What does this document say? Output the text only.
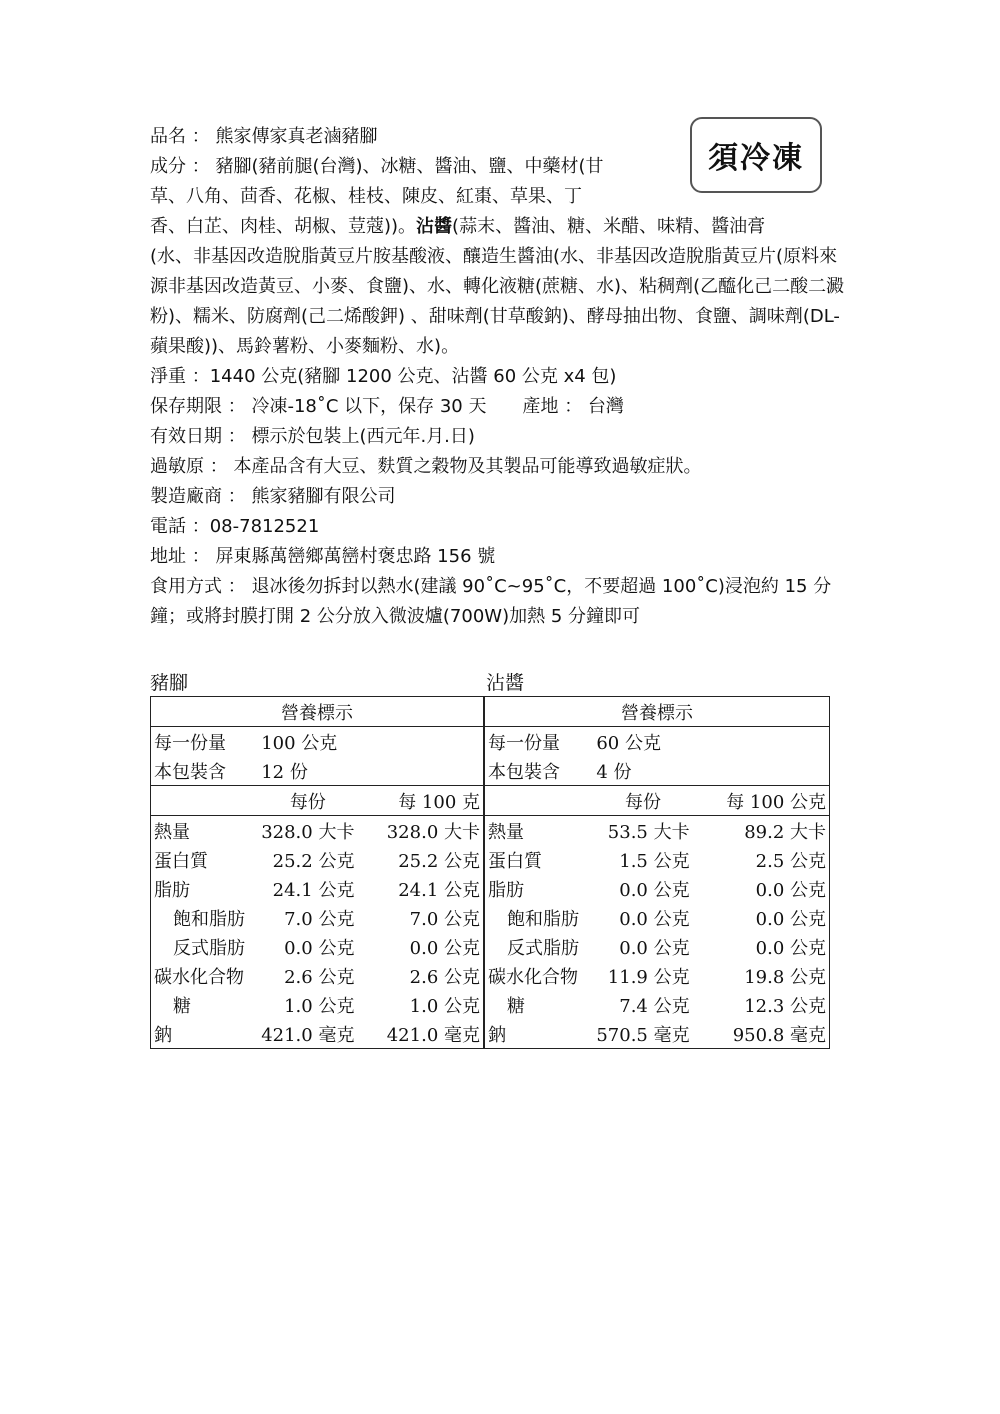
須冷凍
品名 ： 熊家傳家真老滷豬腳
成分 ： 豬腳(豬前腿(台灣)、冰糖、醬油、鹽、中藥材(甘
草、八角、茴香、花椒、桂枝、陳皮、紅棗、草果、丁
香、白芷、肉桂、胡椒、荳蔻))。沾醬(蒜末、醬油、糖、米醋、味精、醬油膏
(水、非基因改造脫脂黃豆片胺基酸液、釀造生醬油(水、非基因改造脫脂黃豆片(原料來源非基因改造黃豆、小麥、食鹽)、水、轉化液糖(蔗糖、水)、粘稠劑(乙醯化己二酸二澱粉)、糯米、防腐劑(己二烯酸鉀) 、甜味劑(甘草酸鈉)、酵母抽出物、食鹽、調味劑(DL-蘋果酸))、馬鈴薯粉、小麥麵粉、水)。
淨重 ：1440 公克(豬腳 1200 公克、沾醬 60 公克 x4 包)
保存期限 ： 冷凍-18˚C 以下，保存 30 天 產地 ： 台灣
有效日期 ： 標示於包裝上(西元年.月.日)
過敏原 ： 本產品含有大豆、麩質之穀物及其製品可能導致過敏症狀。
製造廠商 ： 熊家豬腳有限公司
電話 ：08-7812521
地址 ： 屏東縣萬巒鄉萬巒村褒忠路 156 號
食用方式 ： 退冰後勿拆封以熱水(建議 90˚C~95˚C，不要超過 100˚C)浸泡約 15 分鐘；或將封膜打開 2 公分放入微波爐(700W)加熱 5 分鐘即可
豬腳	沾醬
營養標示		
每一份量	100 公克	
本包裝含	12 份	
	每份	每 100 克
熱量	328.0 大卡	328.0 大卡
蛋白質	25.2 公克	25.2 公克
脂肪	24.1 公克	24.1 公克
飽和脂肪	7.0 公克	7.0 公克
反式脂肪	0.0 公克	0.0 公克
碳水化合物	2.6 公克	2.6 公克
糖	1.0 公克	1.0 公克
鈉	421.0 毫克	421.0 毫克
營養標示		
每一份量	60 公克	
本包裝含	4 份	
	每份	每 100 公克
熱量	53.5 大卡	89.2 大卡
蛋白質	1.5 公克	2.5 公克
脂肪	0.0 公克	0.0 公克
飽和脂肪	0.0 公克	0.0 公克
反式脂肪	0.0 公克	0.0 公克
碳水化合物	11.9 公克	19.8 公克
糖	7.4 公克	12.3 公克
鈉	570.5 毫克	950.8 毫克
